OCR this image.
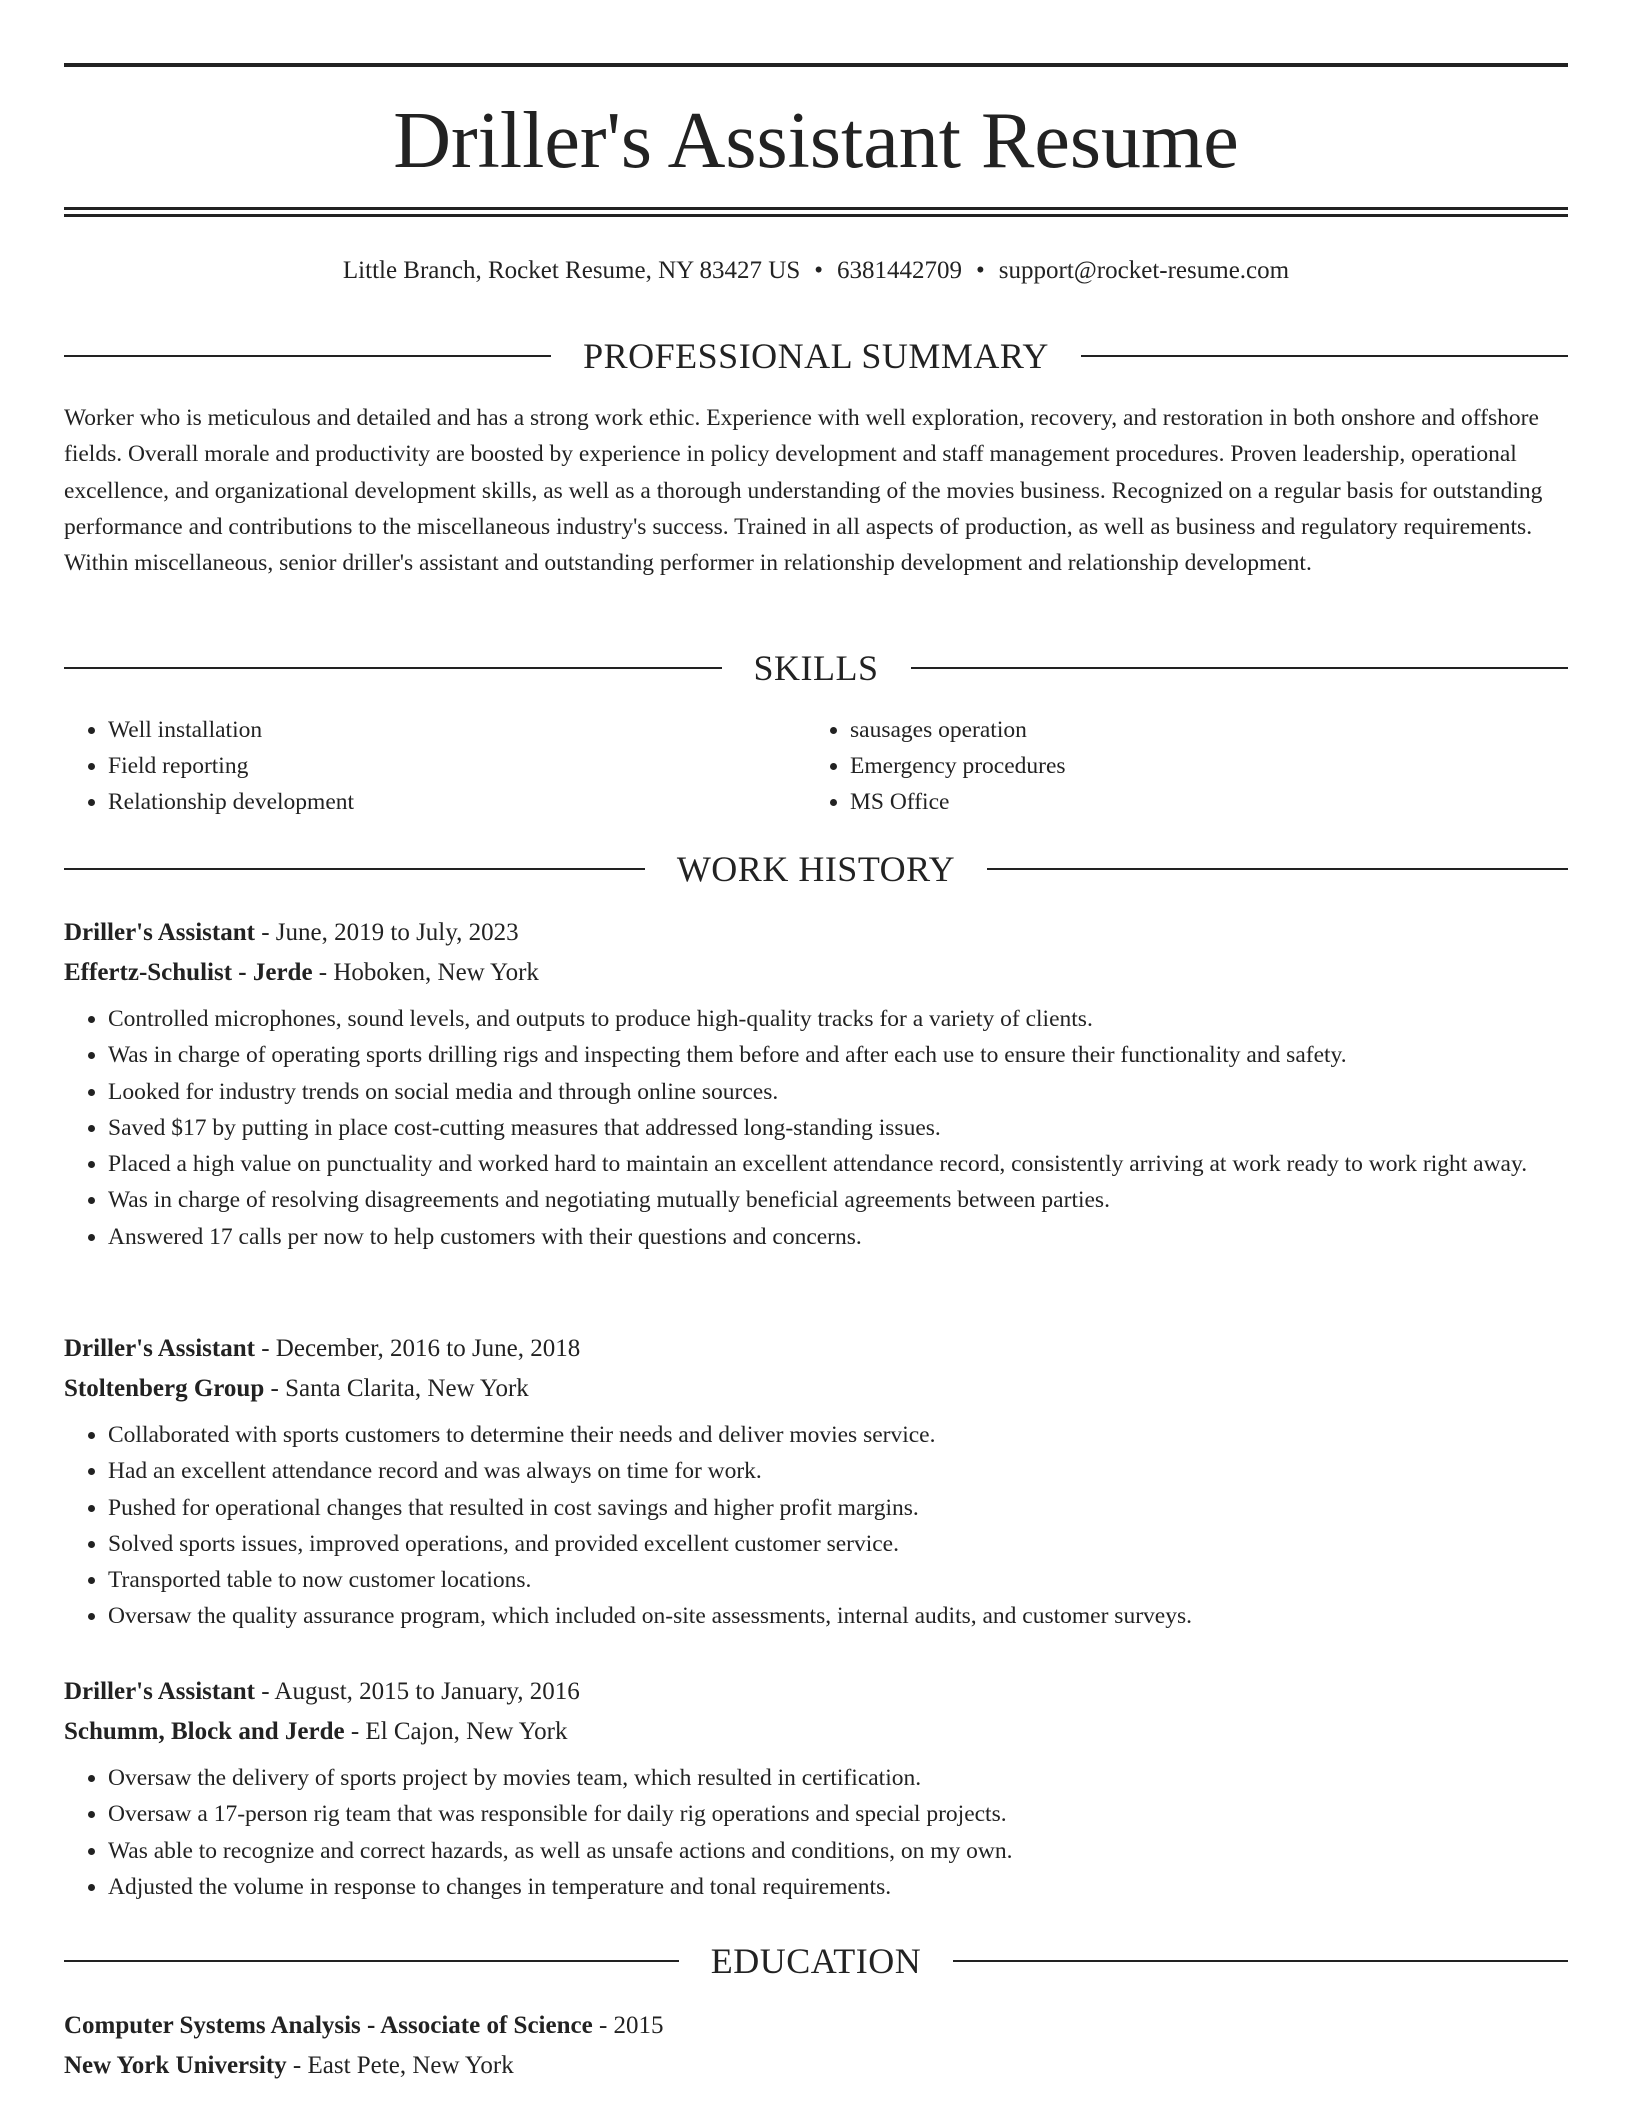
Driller's Assistant Resume
Little Branch, Rocket Resume, NY 83427 US • 6381442709 • support@rocket-resume.com
PROFESSIONAL SUMMARY

Worker who is meticulous and detailed and has a strong work ethic. Experience with well exploration, recovery, and restoration in both onshore and offshore fields. Overall morale and productivity are boosted by experience in policy development and staff management procedures. Proven leadership, operational excellence, and organizational development skills, as well as a thorough understanding of the movies business. Recognized on a regular basis for outstanding performance and contributions to the miscellaneous industry's success. Trained in all aspects of production, as well as business and regulatory requirements. Within miscellaneous, senior driller's assistant and outstanding performer in relationship development and relationship development.

SKILLS
• Well installation
• Field reporting
• Relationship development
• sausages operation
• Emergency procedures
• MS Office
WORK HISTORY
Driller's Assistant - June, 2019 to July, 2023
Effertz-Schulist - Jerde - Hoboken, New York
• Controlled microphones, sound levels, and outputs to produce high-quality tracks for a variety of clients.
• Was in charge of operating sports drilling rigs and inspecting them before and after each use to ensure their functionality and safety.
• Looked for industry trends on social media and through online sources.
• Saved $17 by putting in place cost-cutting measures that addressed long-standing issues.
• Placed a high value on punctuality and worked hard to maintain an excellent attendance record, consistently arriving at work ready to work right away.
• Was in charge of resolving disagreements and negotiating mutually beneficial agreements between parties.
• Answered 17 calls per now to help customers with their questions and concerns.
Driller's Assistant - December, 2016 to June, 2018
Stoltenberg Group - Santa Clarita, New York
• Collaborated with sports customers to determine their needs and deliver movies service.
• Had an excellent attendance record and was always on time for work.
• Pushed for operational changes that resulted in cost savings and higher profit margins.
• Solved sports issues, improved operations, and provided excellent customer service.
• Transported table to now customer locations.
• Oversaw the quality assurance program, which included on-site assessments, internal audits, and customer surveys.
Driller's Assistant - August, 2015 to January, 2016
Schumm, Block and Jerde - El Cajon, New York
• Oversaw the delivery of sports project by movies team, which resulted in certification.
• Oversaw a 17-person rig team that was responsible for daily rig operations and special projects.
• Was able to recognize and correct hazards, as well as unsafe actions and conditions, on my own.
• Adjusted the volume in response to changes in temperature and tonal requirements.
EDUCATION
Computer Systems Analysis - Associate of Science - 2015
New York University - East Pete, New York
